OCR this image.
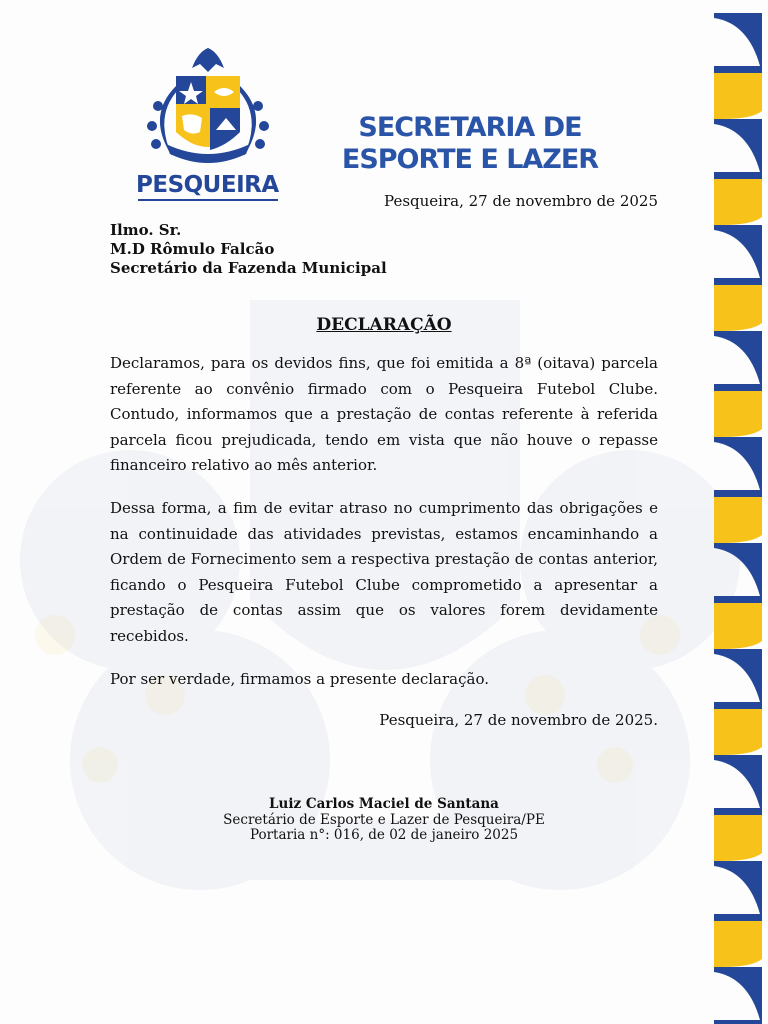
PESQUEIRA
SECRETARIA DE
ESPORTE E LAZER
Pesqueira, 27 de novembro de 2025
Ilmo. Sr.
M.D Rômulo Falcão
Secretário da Fazenda Municipal
DECLARAÇÃO

Declaramos, para os devidos fins, que foi emitida a 8ª (oitava) parcela referente ao convênio firmado com o Pesqueira Futebol Clube. Contudo, informamos que a prestação de contas referente à referida parcela ficou prejudicada, tendo em vista que não houve o repasse financeiro relativo ao mês anterior.

Dessa forma, a fim de evitar atraso no cumprimento das obrigações e na continuidade das atividades previstas, estamos encaminhando a Ordem de Fornecimento sem a respectiva prestação de contas anterior, ficando o Pesqueira Futebol Clube comprometido a apresentar a prestação de contas assim que os valores forem devidamente recebidos.

Por ser verdade, firmamos a presente declaração.

Pesqueira, 27 de novembro de 2025.
Luiz Carlos Maciel de Santana
Secretário de Esporte e Lazer de Pesqueira/PE
Portaria n°: 016, de 02 de janeiro 2025
